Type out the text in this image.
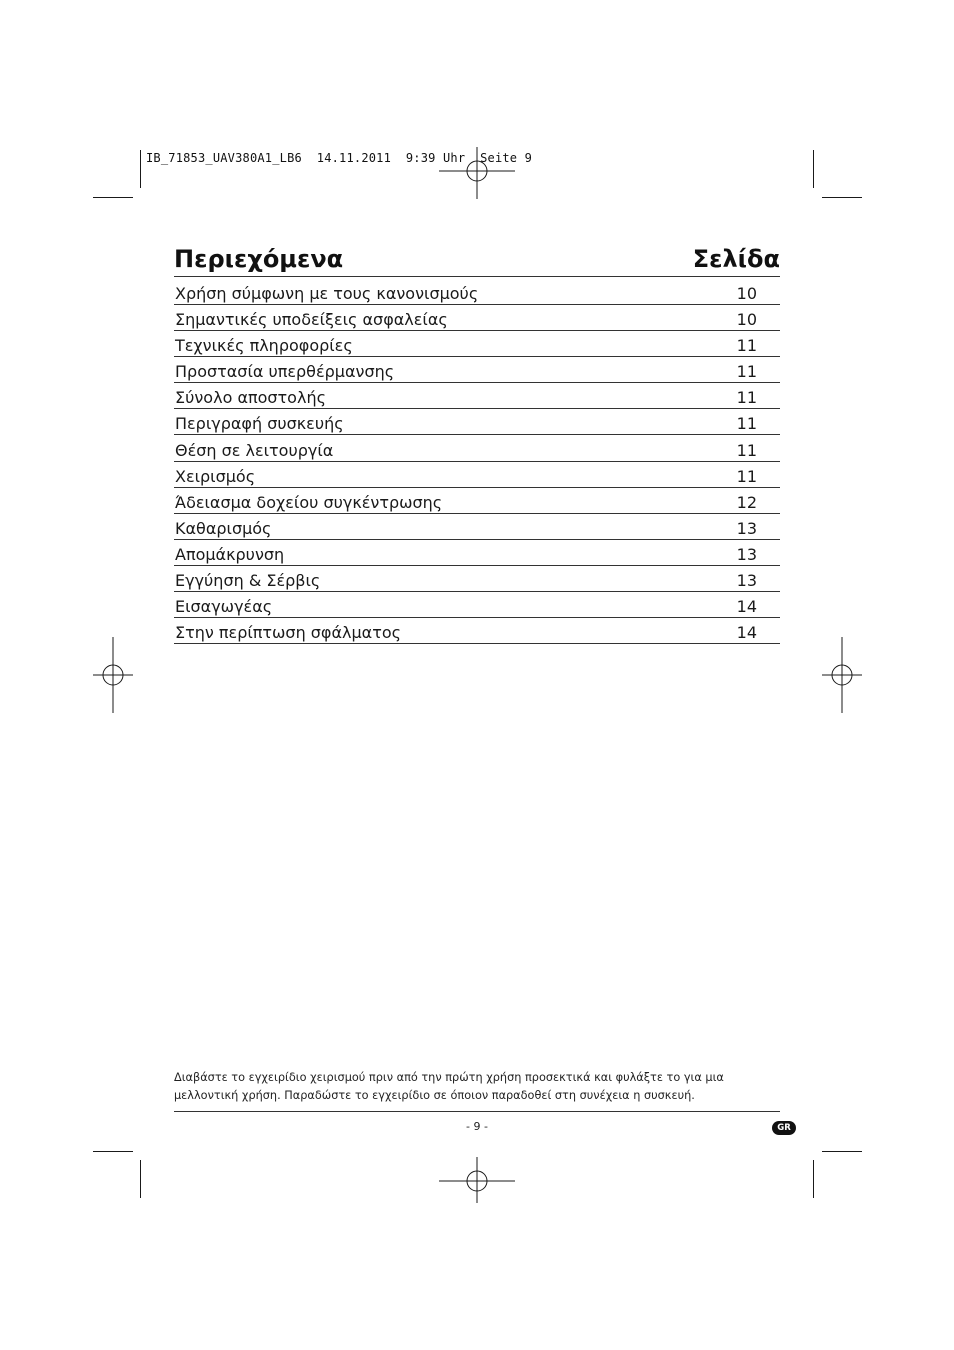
IB_71853_UAV380A1_LB6  14.11.2011  9:39 Uhr  Seite 9
Περιεχόμενα	Σελίδα
Χρήση σύμφωνη με τους κανονισμούς	10
Σημαντικές υποδείξεις ασφαλείας	10
Τεχνικές πληροφορίες	11
Προστασία υπερθέρμανσης	11
Σύνολο αποστολής	11
Περιγραφή συσκευής	11
Θέση σε λειτουργία	11
Χειρισμός	11
Άδειασμα δοχείου συγκέντρωσης	12
Καθαρισμός	13
Απομάκρυνση	13
Εγγύηση & Σέρβις	13
Εισαγωγέας	14
Στην περίπτωση σφάλματος	14
Διαβάστε το εγχειρίδιο χειρισμού πριν από την πρώτη χρήση προσεκτικά και φυλάξτε το για μια μελλοντική χρήση. Παραδώστε το εγχειρίδιο σε όποιον παραδοθεί στη συνέχεια η συσκευή.
- 9 -	GR
